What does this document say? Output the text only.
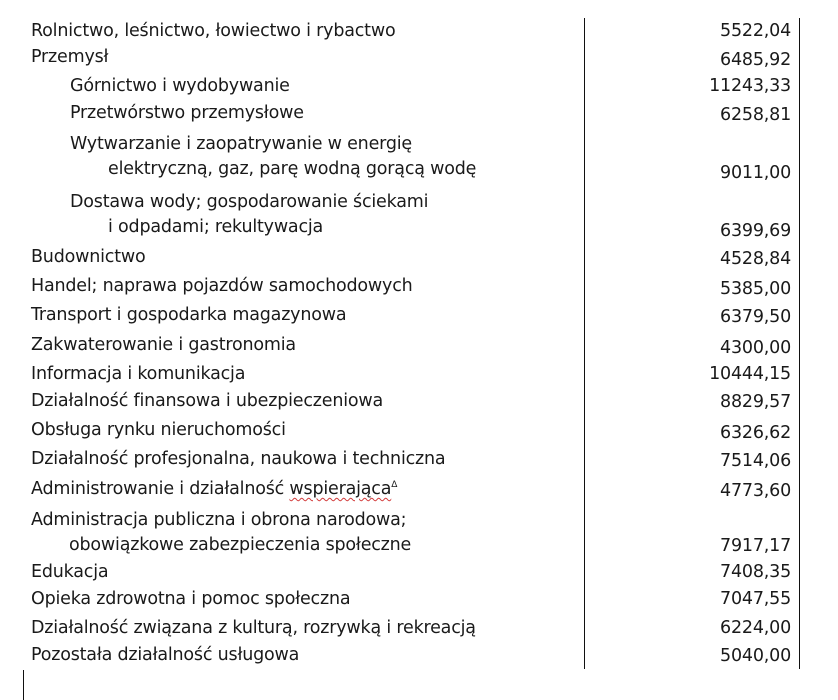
Rolnictwo, leśnictwo, łowiectwo i rybactwo	5522,04
Przemysł	6485,92
Górnictwo i wydobywanie	11243,33
Przetwórstwo przemysłowe	6258,81
Wytwarzanie i zaopatrywanie w energię
elektryczną, gaz, parę wodną gorącą wodę	9011,00
Dostawa wody; gospodarowanie ściekami
i odpadami; rekultywacja	6399,69
Budownictwo	4528,84
Handel; naprawa pojazdów samochodowych	5385,00
Transport i gospodarka magazynowa	6379,50
Zakwaterowanie i gastronomia	4300,00
Informacja i komunikacja	10444,15
Działalność finansowa i ubezpieczeniowa	8829,57
Obsługa rynku nieruchomości	6326,62
Działalność profesjonalna, naukowa i techniczna	7514,06
Administrowanie i działalność wspierająca$^\Delta$	4773,60
Administracja publiczna i obrona narodowa;
obowiązkowe zabezpieczenia społeczne	7917,17
Edukacja	7408,35
Opieka zdrowotna i pomoc społeczna	7047,55
Działalność związana z kulturą, rozrywką i rekreacją	6224,00
Pozostała działalność usługowa	5040,00
